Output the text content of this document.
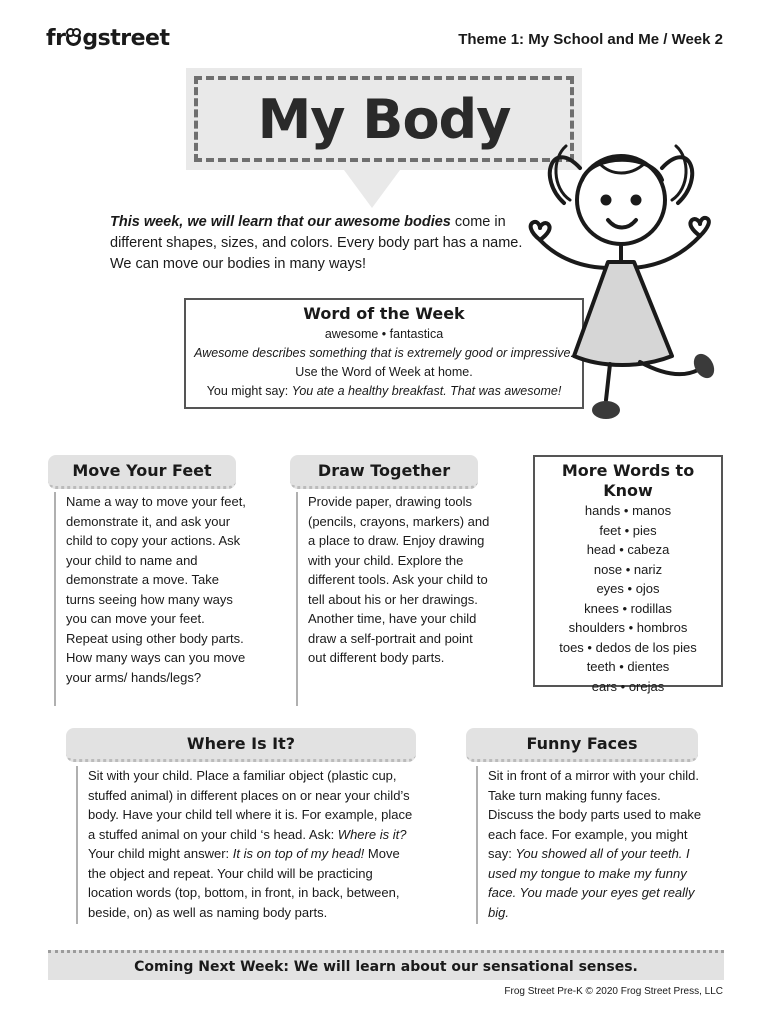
fr gstreet	Theme 1: My School and Me / Week 2
My Body

This week, we will learn that our awesome bodies come in different shapes, sizes, and colors. Every body part has a name. We can move our bodies in many ways!

Word of the Week
awesome • fantastica
Awesome describes something that is extremely good or impressive.
Use the Word of Week at home.
You might say: You ate a healthy breakfast. That was awesome!
Move Your Feet
Name a way to move your feet, demonstrate it, and ask your child to copy your actions. Ask your child to name and demonstrate a move. Take turns seeing how many ways you can move your feet. Repeat using other body parts. How many ways can you move your arms/ hands/legs?
Draw Together
Provide paper, drawing tools (pencils, crayons, markers) and a place to draw. Enjoy drawing with your child. Explore the different tools. Ask your child to tell about his or her drawings. Another time, have your child draw a self-portrait and point out different body parts.
More Words to Know
hands • manos
feet • pies
head • cabeza
nose • nariz
eyes • ojos
knees • rodillas
shoulders • hombros
toes • dedos de los pies
teeth • dientes
ears • orejas
Where Is It?
Sit with your child. Place a familiar object (plastic cup, stuffed animal) in different places on or near your child’s body. Have your child tell where it is. For example, place a stuffed animal on your child ‘s head. Ask: Where is it? Your child might answer: It is on top of my head! Move the object and repeat. Your child will be practicing location words (top, bottom, in front, in back, between, beside, on) as well as naming body parts.
Funny Faces
Sit in front of a mirror with your child. Take turn making funny faces. Discuss the body parts used to make each face. For example, you might say: You showed all of your teeth. I used my tongue to make my funny face. You made your eyes get really big.
Coming Next Week: We will learn about our sensational senses.
Frog Street Pre-K © 2020 Frog Street Press, LLC
